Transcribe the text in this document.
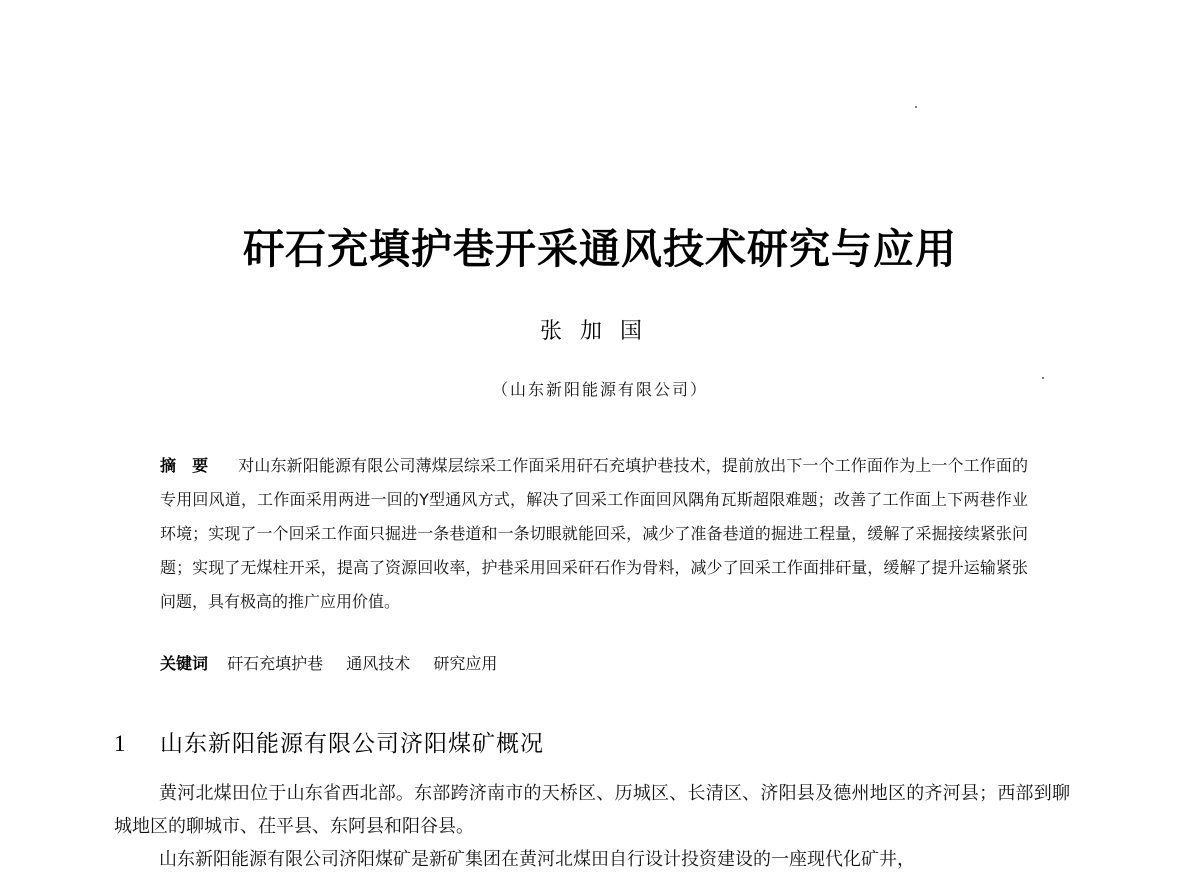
矸石充填护巷开采通风技术研究与应用
张加国
（山东新阳能源有限公司）

摘要 对山东新阳能源有限公司薄煤层综采工作面采用矸石充填护巷技术，提前放出下一个工作面作为上一个工作面的专用回风道，工作面采用两进一回的Y型通风方式，解决了回采工作面回风隅角瓦斯超限难题；改善了工作面上下两巷作业环境；实现了一个回采工作面只掘进一条巷道和一条切眼就能回采，减少了准备巷道的掘进工程量，缓解了采掘接续紧张问题；实现了无煤柱开采，提高了资源回收率，护巷采用回采矸石作为骨料，减少了回采工作面排矸量，缓解了提升运输紧张问题，具有极高的推广应用价值。

关键词 矸石充填护巷 通风技术 研究应用
1 山东新阳能源有限公司济阳煤矿概况

黄河北煤田位于山东省西北部。东部跨济南市的天桥区、历城区、长清区、济阳县及德州地区的齐河县；西部到聊城地区的聊城市、茌平县、东阿县和阳谷县。

山东新阳能源有限公司济阳煤矿是新矿集团在黄河北煤田自行设计投资建设的一座现代化矿井，
